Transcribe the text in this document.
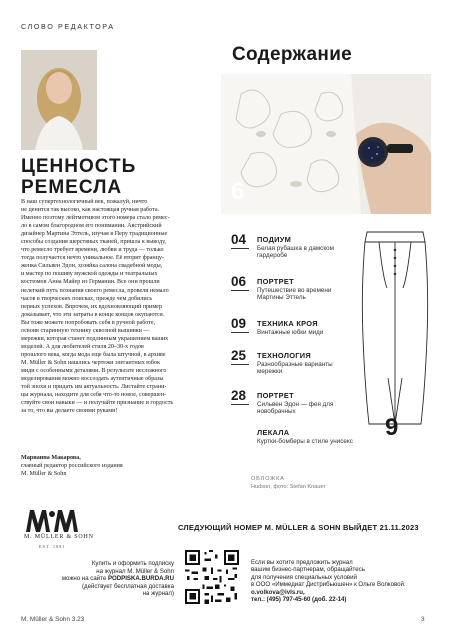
СЛОВО РЕДАКТОРА
ЦЕННОСТЬ
РЕМЕСЛА
В наш супертехнологичный век, пожалуй, ничто
не ценится так высоко, как настоящая ручная работа.
Именно поэтому лейтмотивом этого номера стало ремес-
ло в самом благородном его понимании. Австрийский
дизайнер Мартина Эттель, изучая в Перу традиционные
способы создания шерстяных тканей, пришла к выводу,
что ремесло требует времени, любви и труда — только
тогда получается нечто уникальное. Её вторит францу-
женка Сильвен Эдон, хозяйка салона свадебной моды,
и мастер по пошиву мужской одежды и театральных
костюмов Анна Майер из Германии. Все они прошли
нелегкий путь познания своего ремесла, провели немало
часов в творческих поисках, прежде чем добились
первых успехов. Впрочем, их вдохновляющий пример
доказывает, что эти затраты в конце концов окупаются.
Вы тоже можете попробовать себя в ручной работе,
освоив старинную технику сквозной вышивки —
мережки, которая станет подлинным украшением ваших
моделей. А для любителей стиля 20–30-х годов
прошлого века, когда мода еще была штучной, в архиве
M. Müller & Sohn нашлись чертежи элегантных юбок
миди с особенными деталями. В результате несложного
моделирования можно воссоздать аутентичные образы
той эпохи и придать им актуальность. Листайте страни-
цы журнала, находите для себя что-то новое, совершен-
ствуйте свои навыки — и получайте признание и гордость
за то, что вы делаете своими руками!
Марианна Макарова,
главный редактор российского издания
M. Müller & Sohn
Содержание
6
04 ПОДИУМ
Белая рубашка в дамском гардеробе
06 ПОРТРЕТ
Путешествие во времени Мартины Эттель
09 ТЕХНИКА КРОЯ
Винтажные юбки миди
25 ТЕХНОЛОГИЯ
Разнообразные варианты мережки
28 ПОРТРЕТ
Сильвен Эдон — фея для новобрачных
ЛЕКАЛА
Куртки-бомберы в стиле унисекс
9
ОБЛОЖКА
Hudson, фото: Stefan Knauer
M. MÜLLER & SOHN
EST. 1891
СЛЕДУЮЩИЙ НОМЕР M. MÜLLER & SOHN ВЫЙДЕТ 21.11.2023
Купить и оформить подписку
на журнал M. Müller & Sohn
можно на сайте PODPISKA.BURDA.RU
(действует бесплатная доставка
на журнал)
Если вы хотите предложить журнал
вашим бизнес-партнерам, обращайтесь
для получения специальных условий
в ООО «Иммедиат Дистрибьюшен» к Ольге Волковой:
o.volkova@ivls.ru,
тел.: (495) 797-45-60 (доб. 22-14)
M. Müller & Sohn 3.23	3
